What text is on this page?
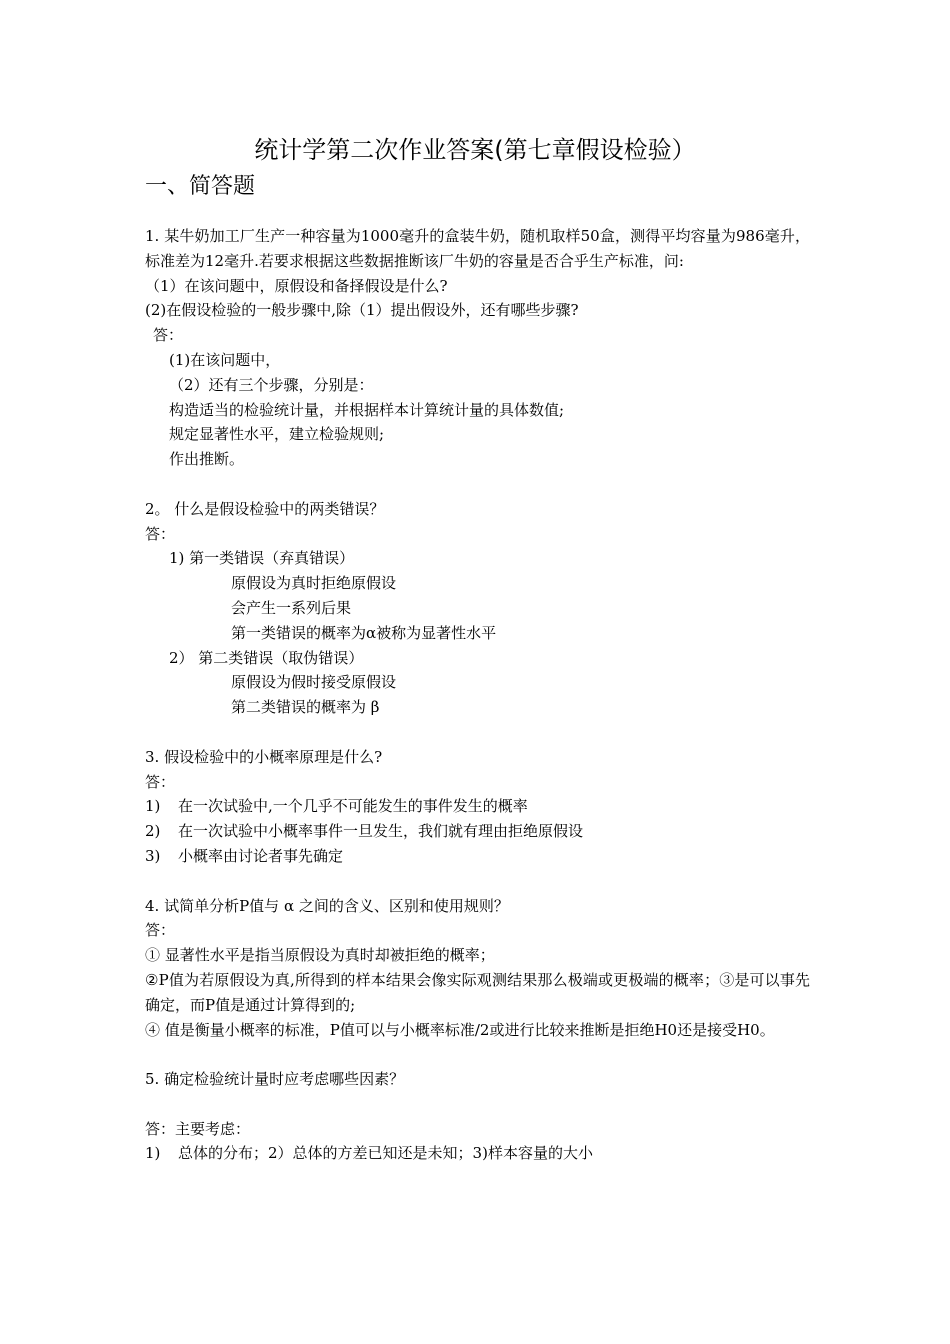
统计学第二次作业答案(第七章假设检验）
一、简答题
1. 某牛奶加工厂生产一种容量为1000毫升的盒装牛奶，随机取样50盒，测得平均容量为986毫升，标准差为12毫升.若要求根据这些数据推断该厂牛奶的容量是否合乎生产标准，问:
（1）在该问题中，原假设和备择假设是什么?
(2)在假设检验的一般步骤中,除（1）提出假设外，还有哪些步骤?
答：
(1)在该问题中，
（2）还有三个步骤，分别是：
构造适当的检验统计量，并根据样本计算统计量的具体数值;
规定显著性水平，建立检验规则;
作出推断。
2。 什么是假设检验中的两类错误？
答：
1) 第一类错误（弃真错误）
原假设为真时拒绝原假设
会产生一系列后果
第一类错误的概率为α被称为显著性水平
2） 第二类错误（取伪错误）
原假设为假时接受原假设
第二类错误的概率为 β
3. 假设检验中的小概率原理是什么?
答：
1) 在一次试验中,一个几乎不可能发生的事件发生的概率
2) 在一次试验中小概率事件一旦发生，我们就有理由拒绝原假设
3) 小概率由讨论者事先确定
4. 试简单分析P值与 α 之间的含义、区别和使用规则？
答：
① 显著性水平是指当原假设为真时却被拒绝的概率；
②P值为若原假设为真,所得到的样本结果会像实际观测结果那么极端或更极端的概率；③是可以事先确定，而P值是通过计算得到的;
④ 值是衡量小概率的标准，P值可以与小概率标准/2或进行比较来推断是拒绝H0还是接受H0。
5. 确定检验统计量时应考虑哪些因素？
答：主要考虑：
1) 总体的分布；2）总体的方差已知还是未知；3)样本容量的大小
